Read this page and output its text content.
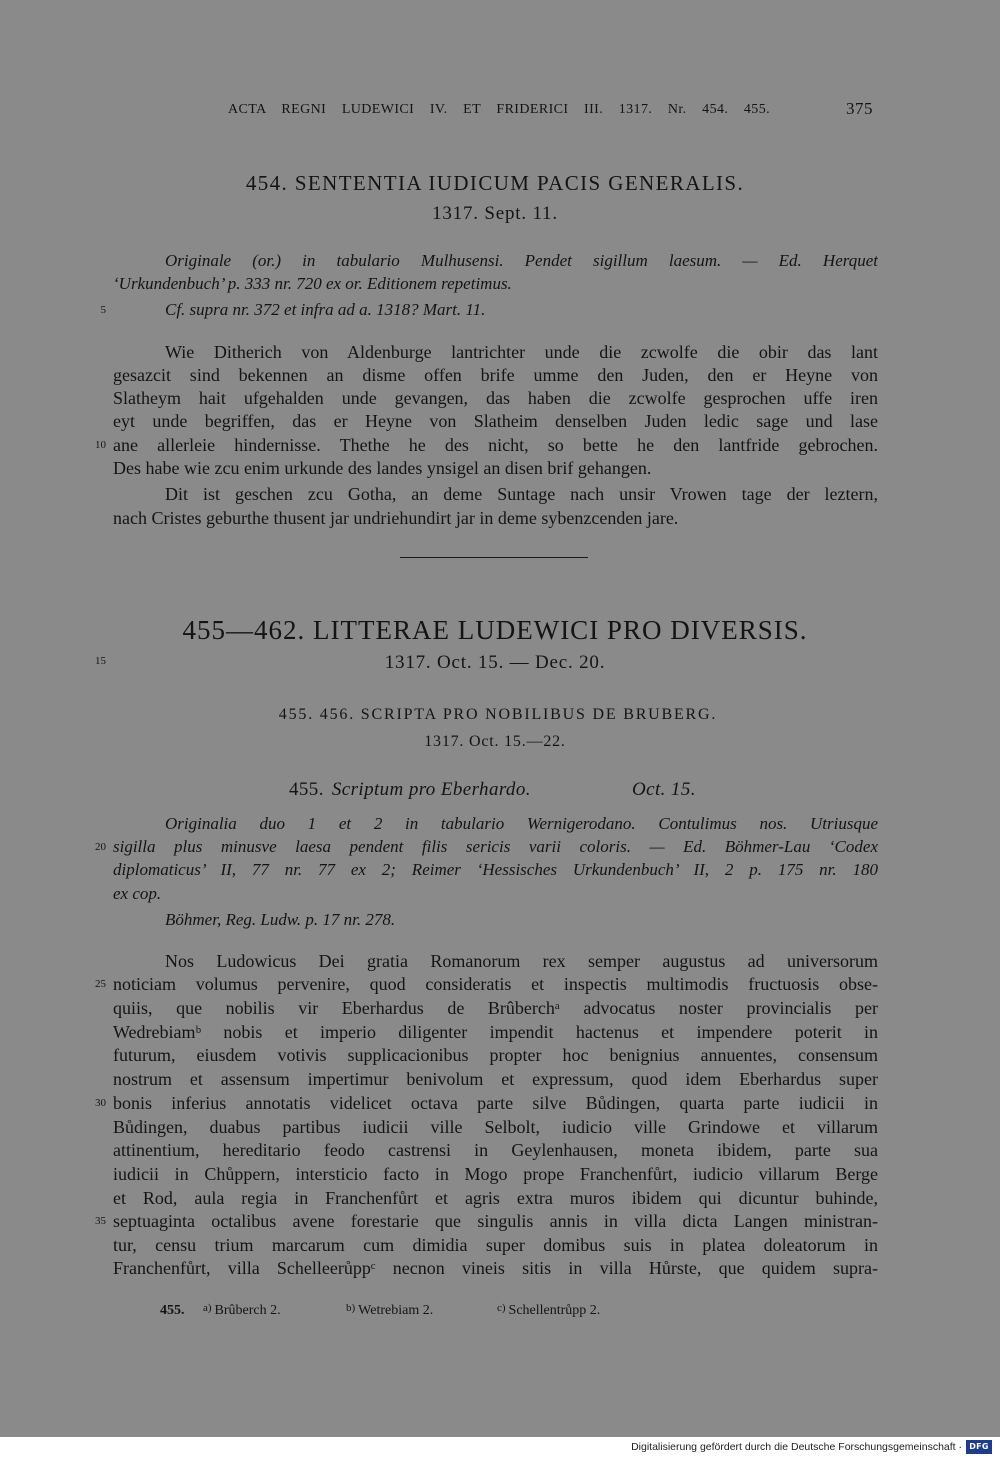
ACTA REGNI LUDEWICI IV. ET FRIDERICI III. 1317. Nr. 454. 455.	375
454. SENTENTIA IUDICUM PACIS GENERALIS.
1317. Sept. 11.
Originale (or.) in tabulario Mulhusensi. Pendet sigillum laesum. — Ed. Herquet
‘Urkundenbuch’ p. 333 nr. 720 ex or. Editionem repetimus.
Cf. supra nr. 372 et infra ad a. 1318? Mart. 11.
Wie Ditherich von Aldenburge lantrichter unde die zcwolfe die obir das lant
gesazcit sind bekennen an disme offen brife umme den Juden, den er Heyne von
Slatheym hait ufgehalden unde gevangen, das haben die zcwolfe gesprochen uffe iren
eyt unde begriffen, das er Heyne von Slatheim denselben Juden ledic sage und lase
ane allerleie hindernisse. Thethe he des nicht, so bette he den lantfride gebrochen.
Des habe wie zcu enim urkunde des landes ynsigel an disen brif gehangen.
Dit ist geschen zcu Gotha, an deme Suntage nach unsir Vrowen tage der leztern,
nach Cristes geburthe thusent jar undriehundirt jar in deme sybenzcenden jare.
455—462. LITTERAE LUDEWICI PRO DIVERSIS.
1317. Oct. 15. — Dec. 20.
455. 456. SCRIPTA PRO NOBILIBUS DE BRUBERG.
1317. Oct. 15.—22.
455. Scriptum pro Eberhardo.	Oct. 15.
Originalia duo 1 et 2 in tabulario Wernigerodano. Contulimus nos. Utriusque
sigilla plus minusve laesa pendent filis sericis varii coloris. — Ed. Böhmer-Lau ‘Codex
diplomaticus’ II, 77 nr. 77 ex 2; Reimer ‘Hessisches Urkundenbuch’ II, 2 p. 175 nr. 180
ex cop.
Böhmer, Reg. Ludw. p. 17 nr. 278.
Nos Ludowicus Dei gratia Romanorum rex semper augustus ad universorum
noticiam volumus pervenire, quod consideratis et inspectis multimodis fructuosis obse-
quiis, que nobilis vir Eberhardus de Brûberchᵃ advocatus noster provincialis per
Wedrebiamᵇ nobis et imperio diligenter impendit hactenus et impendere poterit in
futurum, eiusdem votivis supplicacionibus propter hoc benignius annuentes, consensum
nostrum et assensum impertimur benivolum et expressum, quod idem Eberhardus super
bonis inferius annotatis videlicet octava parte silve Bůdingen, quarta parte iudicii in
Bůdingen, duabus partibus iudicii ville Selbolt, iudicio ville Grindowe et villarum
attinentium, hereditario feodo castrensi in Geylenhausen, moneta ibidem, parte sua
iudicii in Chůppern, intersticio facto in Mogo prope Franchenfůrt, iudicio villarum Berge
et Rod, aula regia in Franchenfůrt et agris extra muros ibidem qui dicuntur buhinde,
septuaginta octalibus avene forestarie que singulis annis in villa dicta Langen ministran-
tur, censu trium marcarum cum dimidia super domibus suis in platea doleatorum in
Franchenfůrt, villa Schelleerůppᶜ necnon vineis sitis in villa Hůrste, que quidem supra-
5
10
15
20
25
30
35
455. $^{a)}$ Brûberch 2.	$^{b)}$ Wetrebiam 2.	$^{c)}$ Schellentrůpp 2.
Digitalisierung gefördert durch die Deutsche Forschungsgemeinschaft · DFG
